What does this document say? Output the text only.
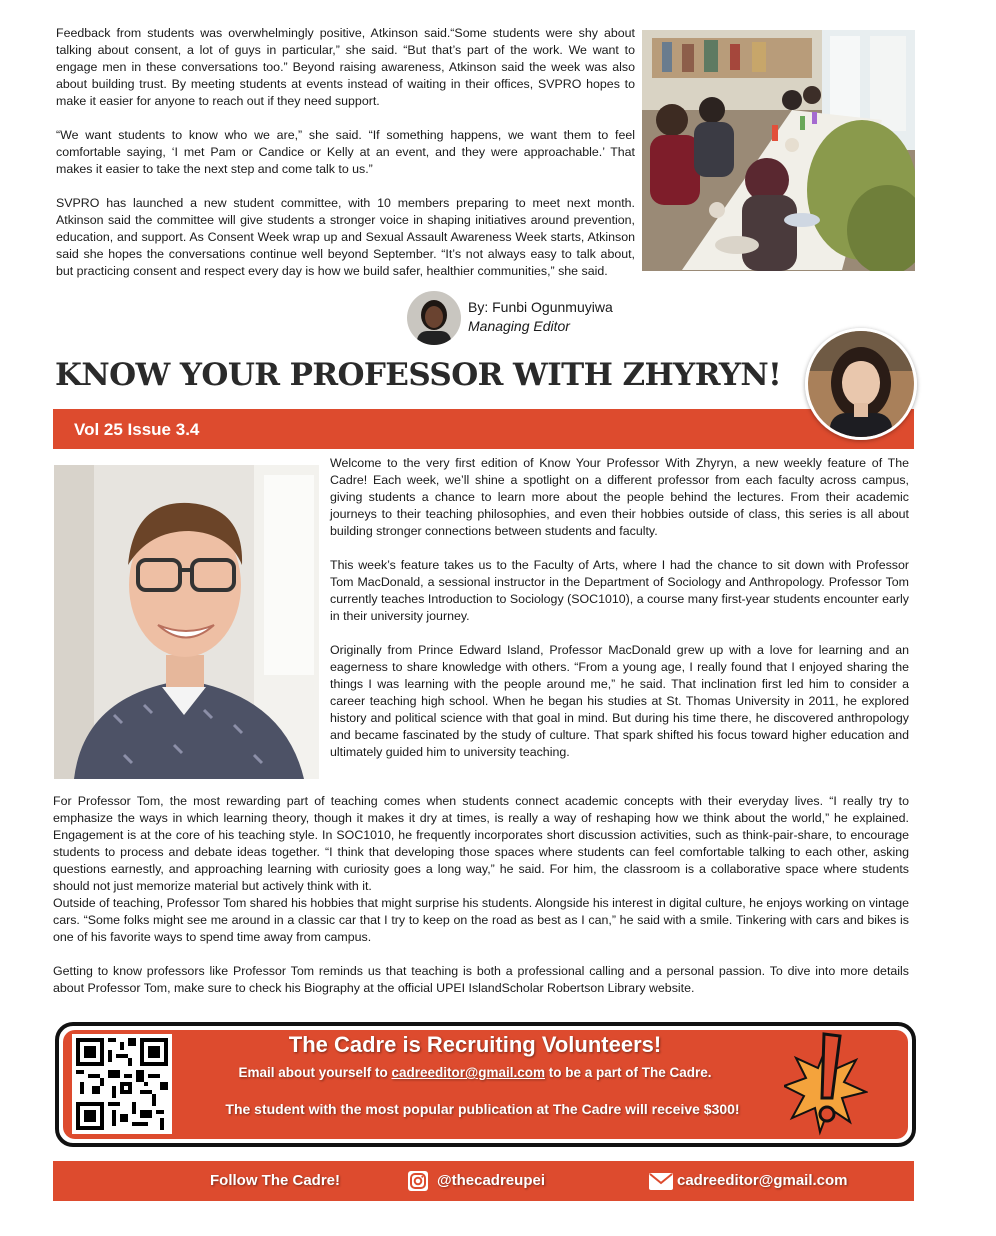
Feedback from students was overwhelmingly positive, Atkinson said.“Some students were shy about talking about consent, a lot of guys in particular,” she said. “But that’s part of the work. We want to engage men in these conversations too.” Beyond raising awareness, Atkinson said the week was also about building trust. By meeting students at events instead of waiting in their offices, SVPRO hopes to make it easier for anyone to reach out if they need support.

“We want students to know who we are,” she said. “If something happens, we want them to feel comfortable saying, ‘I met Pam or Candice or Kelly at an event, and they were approachable.’ That makes it easier to take the next step and come talk to us.”

SVPRO has launched a new student committee, with 10 members preparing to meet next month. Atkinson said the committee will give students a stronger voice in shaping initiatives around prevention, education, and support. As Consent Week wrap up and Sexual Assault Awareness Week starts, Atkinson said she hopes the conversations continue well beyond September. “It’s not always easy to talk about, but practicing consent and respect every day is how we build safer, healthier communities,” she said.

By: Funbi Ogunmuyiwa
Managing Editor
KNOW YOUR PROFESSOR WITH ZHYRYN!
Vol 25 Issue 3.4

Welcome to the very first edition of Know Your Professor With Zhyryn, a new weekly feature of The Cadre! Each week, we’ll shine a spotlight on a different professor from each faculty across campus, giving students a chance to learn more about the people behind the lectures. From their academic journeys to their teaching philosophies, and even their hobbies outside of class, this series is all about building stronger connections between students and faculty.

This week’s feature takes us to the Faculty of Arts, where I had the chance to sit down with Professor Tom MacDonald, a sessional instructor in the Department of Sociology and Anthropology. Professor Tom currently teaches Introduction to Sociology (SOC1010), a course many first-year students encounter early in their university journey.

Originally from Prince Edward Island, Professor MacDonald grew up with a love for learning and an eagerness to share knowledge with others. “From a young age, I really found that I enjoyed sharing the things I was learning with the people around me,” he said. That inclination first led him to consider a career teaching high school. When he began his studies at St. Thomas University in 2011, he explored history and political science with that goal in mind. But during his time there, he discovered anthropology and became fascinated by the study of culture. That spark shifted his focus toward higher education and ultimately guided him to university teaching.

For Professor Tom, the most rewarding part of teaching comes when students connect academic concepts with their everyday lives. “I really try to emphasize the ways in which learning theory, though it makes it dry at times, is really a way of reshaping how we think about the world,” he explained. Engagement is at the core of his teaching style. In SOC1010, he frequently incorporates short discussion activities, such as think-pair-share, to encourage students to process and debate ideas together. “I think that developing those spaces where students can feel comfortable talking to each other, asking questions earnestly, and approaching learning with curiosity goes a long way,” he said. For him, the classroom is a collaborative space where students should not just memorize material but actively think with it.

Outside of teaching, Professor Tom shared his hobbies that might surprise his students. Alongside his interest in digital culture, he enjoys working on vintage cars. “Some folks might see me around in a classic car that I try to keep on the road as best as I can,” he said with a smile. Tinkering with cars and bikes is one of his favorite ways to spend time away from campus.

Getting to know professors like Professor Tom reminds us that teaching is both a professional calling and a personal passion. To dive into more details about Professor Tom, make sure to check his Biography at the official UPEI IslandScholar Robertson Library website.

The Cadre is Recruiting Volunteers!
Email about yourself to cadreeditor@gmail.com to be a part of The Cadre.
The student with the most popular publication at The Cadre will receive $300!
Follow The Cadre!	@thecadreupei	cadreeditor@gmail.com
